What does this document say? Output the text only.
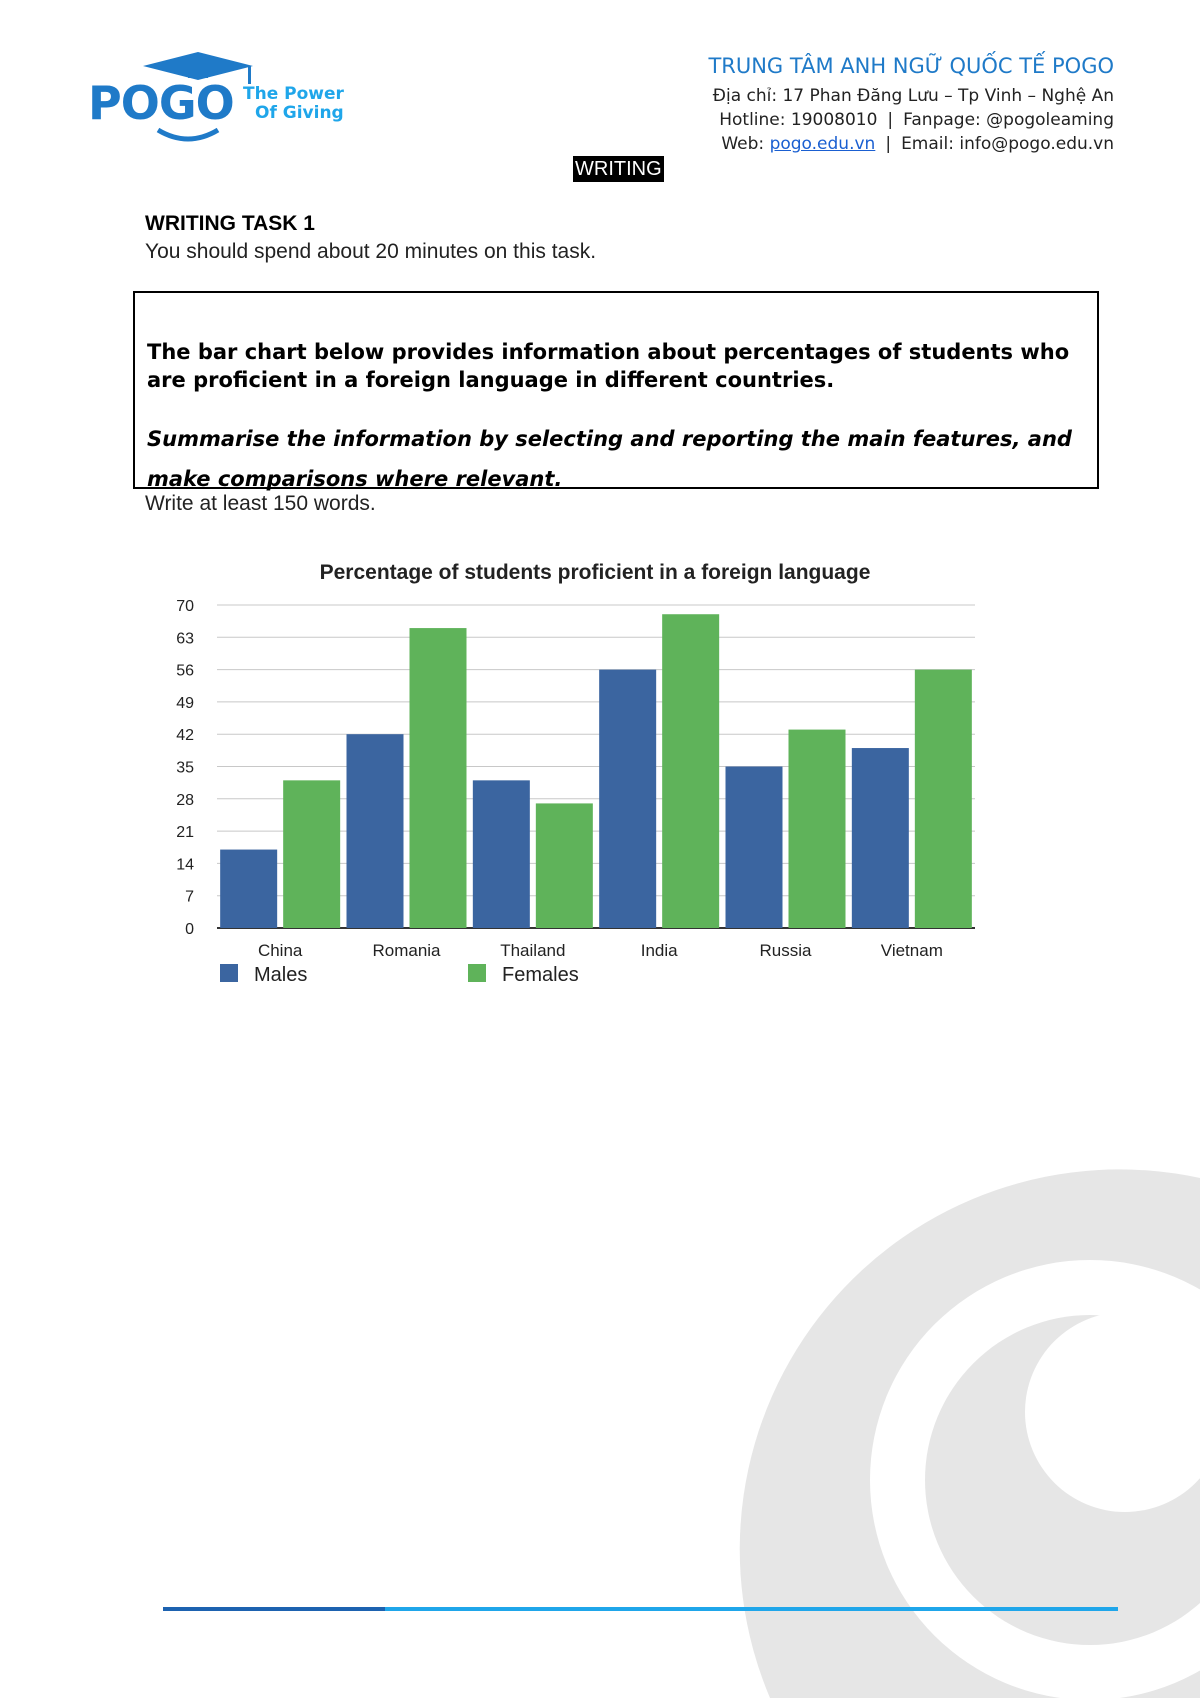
POGO The Power
Of Giving
TRUNG TÂM ANH NGỮ QUỐC TẾ POGO
Địa chỉ: 17 Phan Đăng Lưu – Tp Vinh – Nghệ An
Hotline: 19008010 | Fanpage: @pogoleaming
Web: pogo.edu.vn | Email: info@pogo.edu.vn
WRITING
WRITING TASK 1
You should spend about 20 minutes on this task.
The bar chart below provides information about percentages of students who are proficient in a foreign language in different countries.
Summarise the information by selecting and reporting the main features, and make comparisons where relevant.
Write at least 150 words.
Percentage of students proficient in a foreign language
0
7
14
21
28
35
42
49
56
63
70
China	Romania	Thailand	India	Russia	Vietnam
Males	Females
